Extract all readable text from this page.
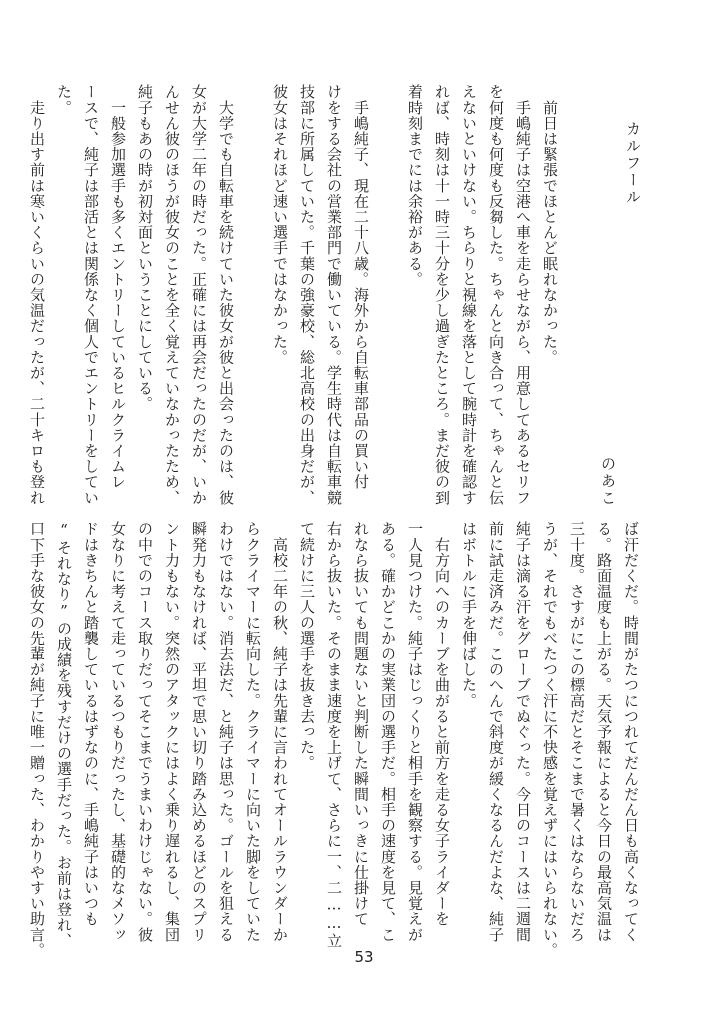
カルフール
のあこ

　前日は緊張でほとんど眠れなかった。
　手嶋純子は空港へ車を走らせながら、用意してあるセリフ
を何度も何度も反芻した。ちゃんと向き合って、ちゃんと伝
えないといけない。ちらりと視線を落として腕時計を確認す
れば、時刻は十一時三十分を少し過ぎたところ。まだ彼の到
着時刻までには余裕がある。

　手嶋純子、現在二十八歳。海外から自転車部品の買い付
けをする会社の営業部門で働いている。学生時代は自転車競
技部に所属していた。千葉の強豪校、総北高校の出身だが、
彼女はそれほど速い選手ではなかった。

　大学でも自転車を続けていた彼女が彼と出会ったのは、彼
女が大学二年の時だった。正確には再会だったのだが、いか
んせん彼のほうが彼女のことを全く覚えていなかったため、
純子もあの時が初対面ということにしている。
　一般参加選手も多くエントリーしているヒルクライムレ
ースで、純子は部活とは関係なく個人でエントリーをしてい
た。
　走り出す前は寒いくらいの気温だったが、二十キロも登れ
ば汗だくだ。時間がたつにつれてだんだん日も高くなってく
る。路面温度も上がる。天気予報によると今日の最高気温は
三十度。さすがにこの標高だとそこまで暑くはならないだろ
うが、それでもべたつく汗に不快感を覚えずにはいられない。
純子は滴る汗をグローブでぬぐった。今日のコースは二週間
前に試走済みだ。このへんで斜度が緩くなるんだよな、純子
はボトルに手を伸ばした。
　右方向へのカーブを曲がると前方を走る女子ライダーを
一人見つけた。純子はじっくりと相手を観察する。見覚えが
ある。確かどこかの実業団の選手だ。相手の速度を見て、こ
れなら抜いても問題ないと判断した瞬間いっきに仕掛けて
右から抜いた。そのまま速度を上げて、さらに一、二……立
て続けに三人の選手を抜き去った。
　高校二年の秋、純子は先輩に言われてオールラウンダーか
らクライマーに転向した。クライマーに向いた脚をしていた
わけではない。消去法だ、と純子は思った。ゴールを狙える
瞬発力もなければ、平坦で思い切り踏み込めるほどのスプリ
ント力もない。突然のアタックにはよく乗り遅れるし、集団
の中でのコース取りだってそこまでうまいわけじゃない。彼
女なりに考えて走っているつもりだったし、基礎的なメソッ
ドはきちんと踏襲しているはずなのに、手嶋純子はいつも
“それなり”の成績を残すだけの選手だった。お前は登れ、
口下手な彼女の先輩が純子に唯一贈った、わかりやすい助言。	53
